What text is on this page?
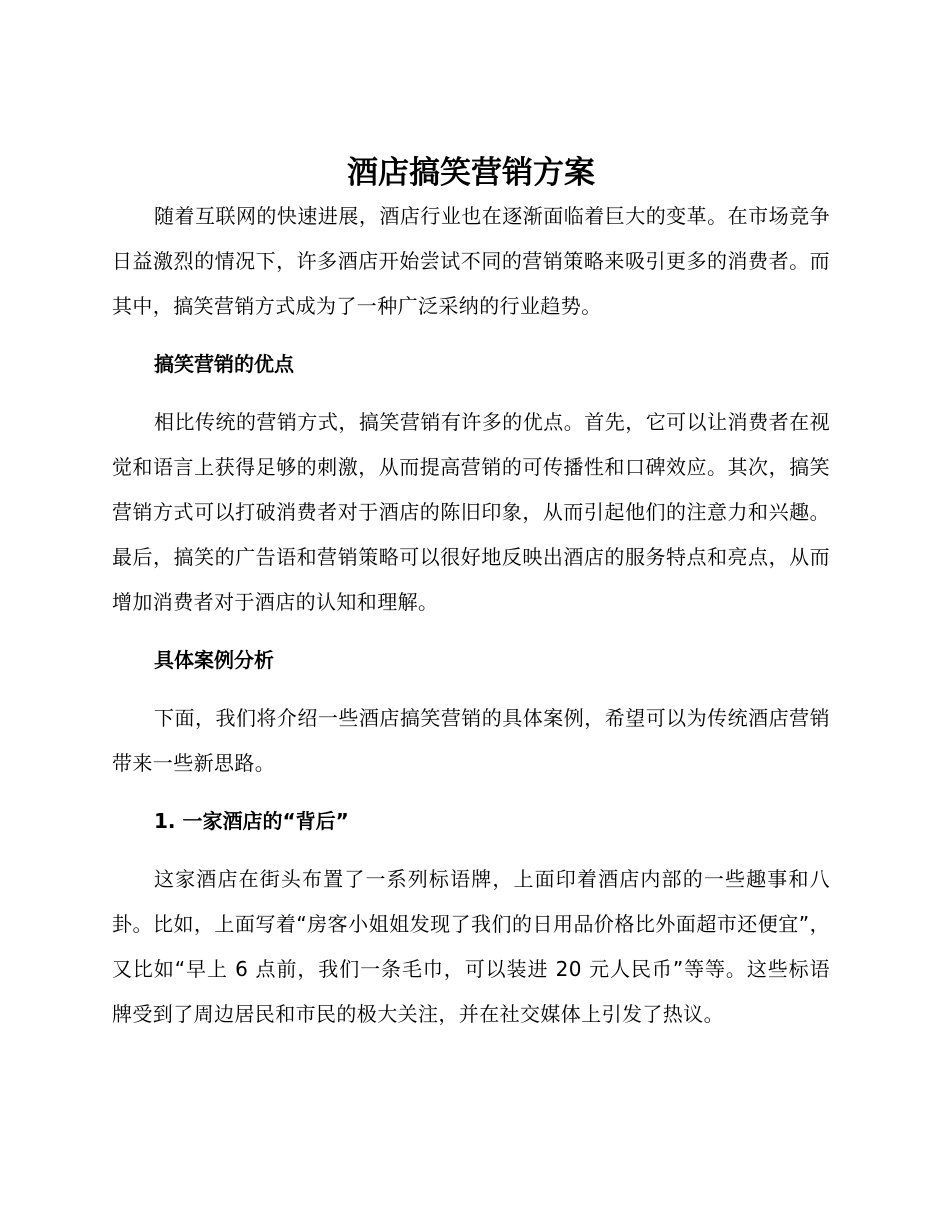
酒店搞笑营销方案

随着互联网的快速进展，酒店行业也在逐渐面临着巨大的变革。在市场竞争日益激烈的情况下，许多酒店开始尝试不同的营销策略来吸引更多的消费者。而其中，搞笑营销方式成为了一种广泛采纳的行业趋势。

搞笑营销的优点

相比传统的营销方式，搞笑营销有许多的优点。首先，它可以让消费者在视觉和语言上获得足够的刺激，从而提高营销的可传播性和口碑效应。其次，搞笑营销方式可以打破消费者对于酒店的陈旧印象，从而引起他们的注意力和兴趣。最后，搞笑的广告语和营销策略可以很好地反映出酒店的服务特点和亮点，从而增加消费者对于酒店的认知和理解。

具体案例分析

下面，我们将介绍一些酒店搞笑营销的具体案例，希望可以为传统酒店营销带来一些新思路。

1. 一家酒店的“背后”

这家酒店在街头布置了一系列标语牌，上面印着酒店内部的一些趣事和八卦。比如，上面写着“房客小姐姐发现了我们的日用品价格比外面超市还便宜”，又比如“早上 6 点前，我们一条毛巾，可以装进 20 元人民币”等等。这些标语牌受到了周边居民和市民的极大关注，并在社交媒体上引发了热议。
